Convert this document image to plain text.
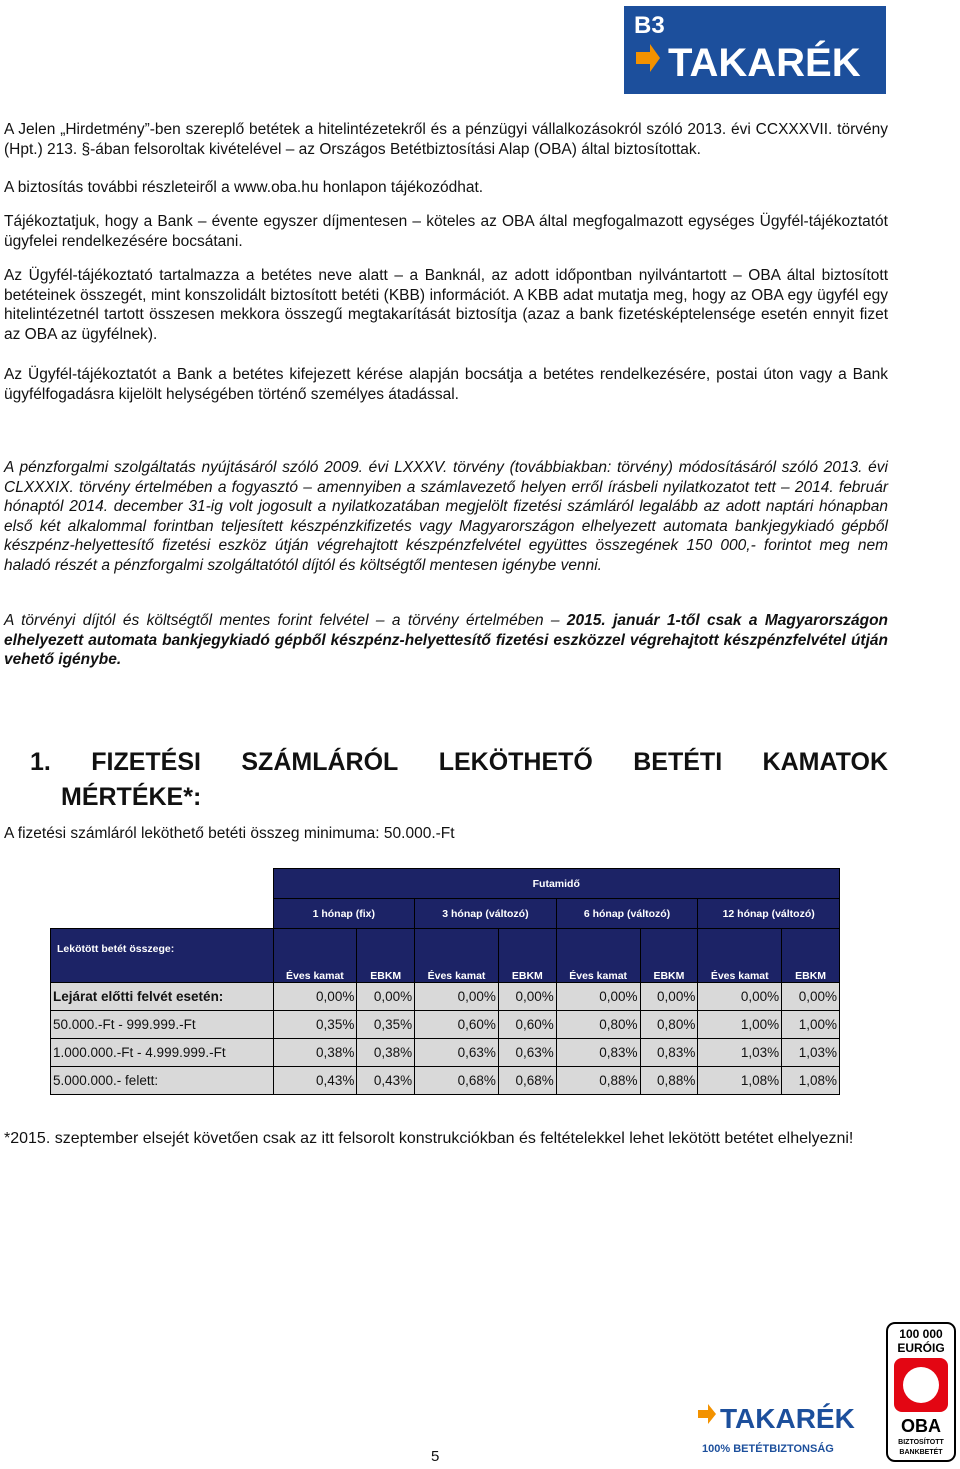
B3
TAKARÉK

A Jelen „Hirdetmény”-ben szereplő betétek a hitelintézetekről és a pénzügyi vállalkozásokról szóló 2013. évi CCXXXVII. törvény (Hpt.) 213. §-ában felsoroltak kivételével – az Országos Betétbiztosítási Alap (OBA) által biztosítottak.

A biztosítás további részleteiről a www.oba.hu honlapon tájékozódhat.

Tájékoztatjuk, hogy a Bank – évente egyszer díjmentesen – köteles az OBA által megfogalmazott egységes Ügyfél-tájékoztatót ügyfelei rendelkezésére bocsátani.

Az Ügyfél-tájékoztató tartalmazza a betétes neve alatt – a Banknál, az adott időpontban nyilvántartott – OBA által biztosított betéteinek összegét, mint konszolidált biztosított betéti (KBB) információt. A KBB adat mutatja meg, hogy az OBA egy ügyfél egy hitelintézetnél tartott összesen mekkora összegű megtakarítását biztosítja (azaz a bank fizetésképtelensége esetén ennyit fizet az OBA az ügyfélnek).

Az Ügyfél-tájékoztatót a Bank a betétes kifejezett kérése alapján bocsátja a betétes rendelkezésére, postai úton vagy a Bank ügyfélfogadásra kijelölt helységében történő személyes átadással.

A pénzforgalmi szolgáltatás nyújtásáról szóló 2009. évi LXXXV. törvény (továbbiakban: törvény) módosításáról szóló 2013. évi CLXXXIX. törvény értelmében a fogyasztó – amennyiben a számlavezető helyen erről írásbeli nyilatkozatot tett – 2014. február hónaptól 2014. december 31-ig volt jogosult a nyilatkozatában megjelölt fizetési számláról legalább az adott naptári hónapban első két alkalommal forintban teljesített készpénzkifizetés vagy Magyarországon elhelyezett automata bankjegykiadó gépből készpénz-helyettesítő fizetési eszköz útján végrehajtott készpénzfelvétel együttes összegének 150 000,- forintot meg nem haladó részét a pénzforgalmi szolgáltatótól díjtól és költségtől mentesen igénybe venni.

A törvényi díjtól és költségtől mentes forint felvétel – a törvény értelmében – 2015. január 1-től csak a Magyarországon elhelyezett automata bankjegykiadó gépből készpénz-helyettesítő fizetési eszközzel végrehajtott készpénzfelvétel útján vehető igénybe.

1. FIZETÉSI SZÁMLÁRÓL LEKÖTHETŐ BETÉTI KAMATOK
MÉRTÉKE*:
A fizetési számláról leköthető betéti összeg minimuma: 50.000.-Ft
	Futamidő							
	1 hónap (fix)		3 hónap (változó)		6 hónap (változó)		12 hónap (változó)	
Lekötött betét összege:	Éves kamat	EBKM	Éves kamat	EBKM	Éves kamat	EBKM	Éves kamat	EBKM
Lejárat előtti felvét esetén:	0,00%	0,00%	0,00%	0,00%	0,00%	0,00%	0,00%	0,00%
50.000.-Ft - 999.999.-Ft	0,35%	0,35%	0,60%	0,60%	0,80%	0,80%	1,00%	1,00%
1.000.000.-Ft - 4.999.999.-Ft	0,38%	0,38%	0,63%	0,63%	0,83%	0,83%	1,03%	1,03%
5.000.000.- felett:	0,43%	0,43%	0,68%	0,68%	0,88%	0,88%	1,08%	1,08%
*2015. szeptember elsejét követően csak az itt felsorolt konstrukciókban és feltételekkel lehet lekötött betétet elhelyezni!
TAKARÉK
100% BETÉTBIZTONSÁG
100 000
EURÓIG
OBA
BIZTOSÍTOTT
BANKBETÉT
5
